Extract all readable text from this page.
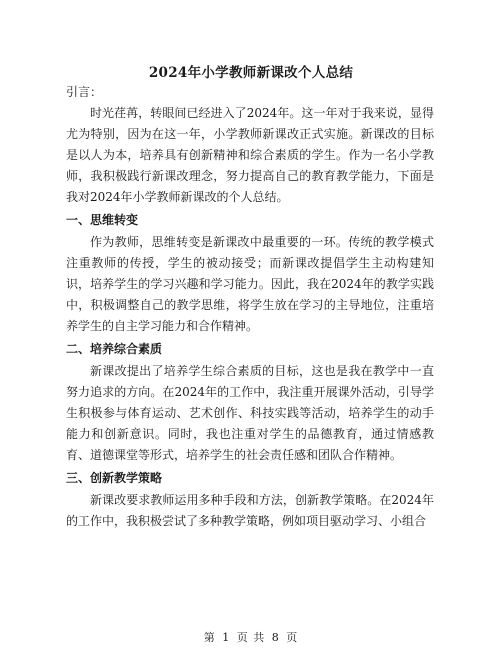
2024年小学教师新课改个人总结

引言：

时光荏苒，转眼间已经进入了2024年。这一年对于我来说，显得尤为特别，因为在这一年，小学教师新课改正式实施。新课改的目标是以人为本，培养具有创新精神和综合素质的学生。作为一名小学教师，我积极践行新课改理念，努力提高自己的教育教学能力，下面是我对2024年小学教师新课改的个人总结。

一、思维转变

作为教师，思维转变是新课改中最重要的一环。传统的教学模式注重教师的传授，学生的被动接受；而新课改提倡学生主动构建知识，培养学生的学习兴趣和学习能力。因此，我在2024年的教学实践中，积极调整自己的教学思维，将学生放在学习的主导地位，注重培养学生的自主学习能力和合作精神。

二、培养综合素质

新课改提出了培养学生综合素质的目标，这也是我在教学中一直努力追求的方向。在2024年的工作中，我注重开展课外活动，引导学生积极参与体育运动、艺术创作、科技实践等活动，培养学生的动手能力和创新意识。同时，我也注重对学生的品德教育，通过情感教育、道德课堂等形式，培养学生的社会责任感和团队合作精神。

三、创新教学策略

新课改要求教师运用多种手段和方法，创新教学策略。在2024年的工作中，我积极尝试了多种教学策略，例如项目驱动学习、小组合

第 1 页 共 8 页
